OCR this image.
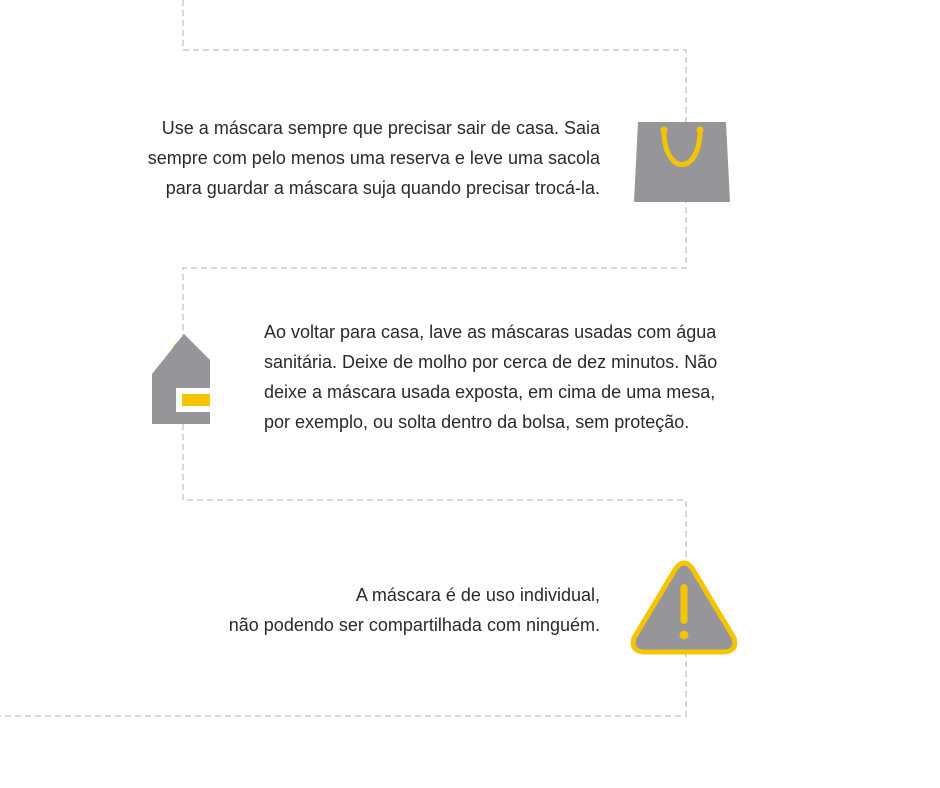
Use a máscara sempre que precisar sair de casa. Saia

sempre com pelo menos uma reserva e leve uma sacola

para guardar a máscara suja quando precisar trocá-la.

Ao voltar para casa, lave as máscaras usadas com água

sanitária. Deixe de molho por cerca de dez minutos. Não

deixe a máscara usada exposta, em cima de uma mesa,

por exemplo, ou solta dentro da bolsa, sem proteção.

A máscara é de uso individual,

não podendo ser compartilhada com ninguém.
